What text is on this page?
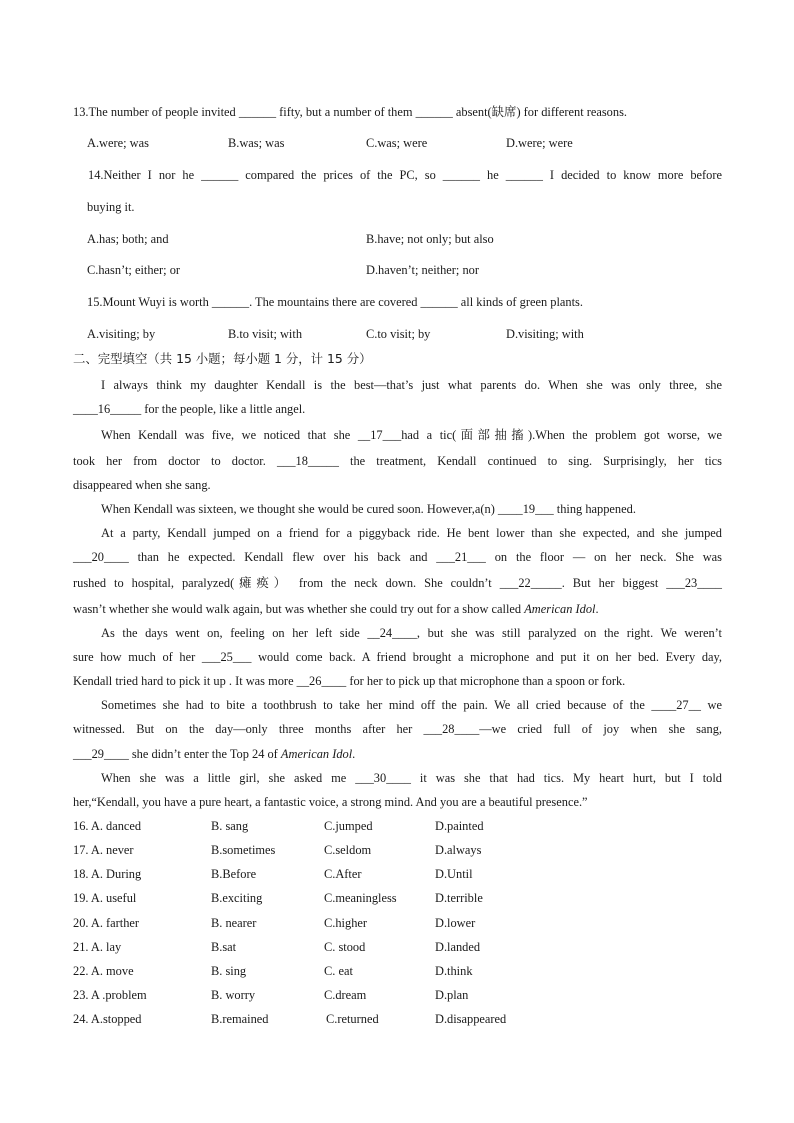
13.The number of people invited ______ fifty, but a number of them ______ absent(缺席) for different reasons.
A.were; was	B.was; was	C.was; were	D.were; were
14.Neither I nor he ______ compared the prices of the PC, so ______ he ______ I decided to know more before
buying it.
A.has; both; and	B.have; not only; but also
C.hasn’t; either; or	D.haven’t; neither; nor
15.Mount Wuyi is worth ______. The mountains there are covered ______ all kinds of green plants.
A.visiting; by	B.to visit; with	C.to visit; by	D.visiting; with
二、完型填空（共 15 小题；每小题 1 分，计 15 分）
I always think my daughter Kendall is the best—that’s just what parents do. When she was only three, she
____16_____ for the people, like a little angel.
When Kendall was five, we noticed that she __17___had a tic(面部抽搐).When the problem got worse, we
took her from doctor to doctor. ___18_____ the treatment, Kendall continued to sing. Surprisingly, her tics
disappeared when she sang.
When Kendall was sixteen, we thought she would be cured soon. However,a(n) ____19___ thing happened.
At a party, Kendall jumped on a friend for a piggyback ride. He bent lower than she expected, and she jumped
___20____ than he expected. Kendall flew over his back and ___21___ on the floor — on her neck. She was
rushed to hospital, paralyzed(瘫痪） from the neck down. She couldn’t ___22_____. But her biggest ___23____
wasn’t whether she would walk again, but was whether she could try out for a show called American Idol.
As the days went on, feeling on her left side __24____, but she was still paralyzed on the right. We weren’t
sure how much of her ___25___ would come back. A friend brought a microphone and put it on her bed. Every day,
Kendall tried hard to pick it up . It was more __26____ for her to pick up that microphone than a spoon or fork.
Sometimes she had to bite a toothbrush to take her mind off the pain. We all cried because of the ____27__ we
witnessed. But on the day—only three months after her ___28____—we cried full of joy when she sang,
___29____ she didn’t enter the Top 24 of American Idol.
When she was a little girl, she asked me ___30____ it was she that had tics. My heart hurt, but I told
her,“Kendall, you have a pure heart, a fantastic voice, a strong mind. And you are a beautiful presence.”
16. A. danced	B. sang	C.jumped	D.painted
17. A. never	B.sometimes	C.seldom	D.always
18. A. During	B.Before	C.After	D.Until
19. A. useful	B.exciting	C.meaningless	D.terrible
20. A. farther	B. nearer	C.higher	D.lower
21. A. lay	B.sat	C. stood	D.landed
22. A. move	B. sing	C. eat	D.think
23. A .problem	B. worry	C.dream	D.plan
24. A.stopped	B.remained	C.returned	D.disappeared
